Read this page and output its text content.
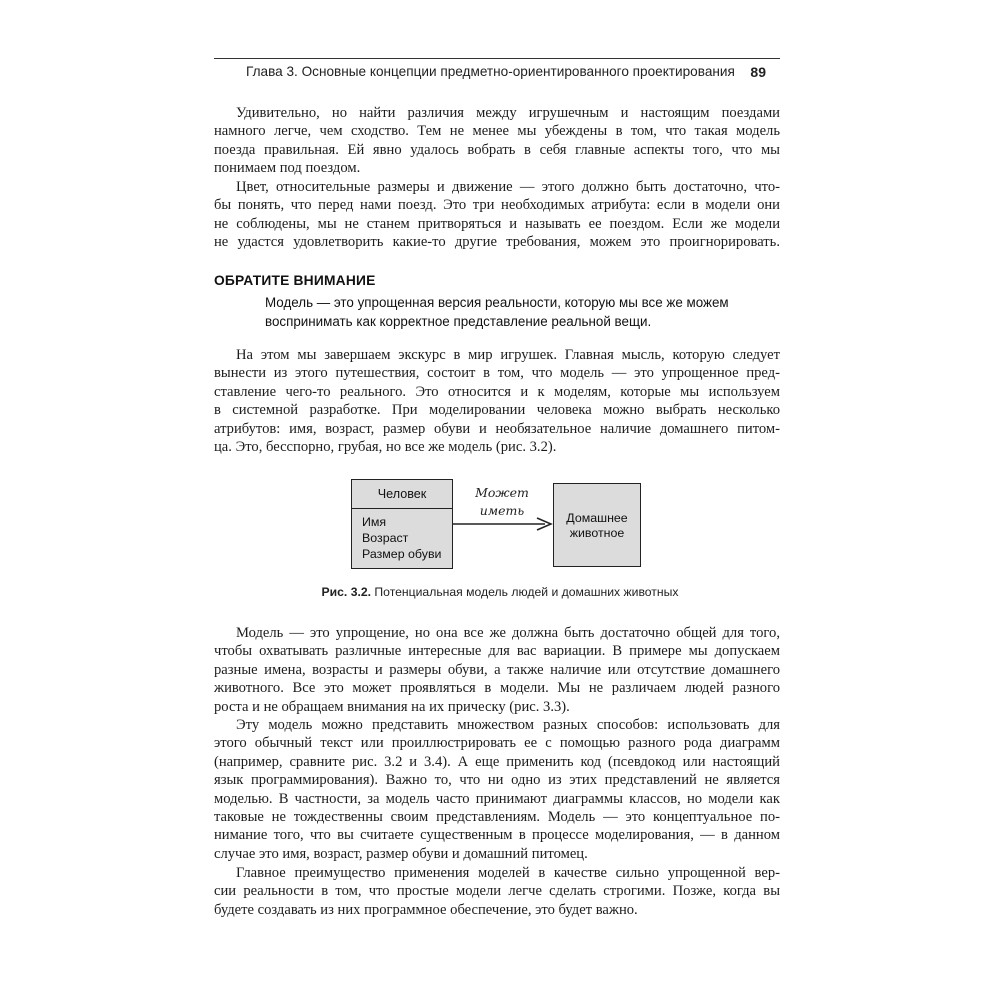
Глава 3. Основные концепции предметно-ориентированного проектирования 89
Удивительно, но найти различия между игрушечным и настоящим поездами
намного легче, чем сходство. Тем не менее мы убеждены в том, что такая модель
поезда правильная. Ей явно удалось вобрать в себя главные аспекты того, что мы
понимаем под поездом.
Цвет, относительные размеры и движение — этого должно быть достаточно, что-
бы понять, что перед нами поезд. Это три необходимых атрибута: если в модели они
не соблюдены, мы не станем притворяться и называть ее поездом. Если же модели
не удастся удовлетворить какие-то другие требования, можем это проигнорировать.
ОБРАТИТЕ ВНИМАНИЕ
Модель — это упрощенная версия реальности, которую мы все же можем
воспринимать как корректное представление реальной вещи.
На этом мы завершаем экскурс в мир игрушек. Главная мысль, которую следует
вынести из этого путешествия, состоит в том, что модель — это упрощенное пред-
ставление чего-то реального. Это относится и к моделям, которые мы используем
в системной разработке. При моделировании человека можно выбрать несколько
атрибутов: имя, возраст, размер обуви и необязательное наличие домашнего питом-
ца. Это, бесспорно, грубая, но все же модель (рис. 3.2).
Человек
Имя
Возраст
Размер обуви
Может
иметь	Домашнее
животное
Рис. 3.2. Потенциальная модель людей и домашних животных
Модель — это упрощение, но она все же должна быть достаточно общей для того,
чтобы охватывать различные интересные для вас вариации. В примере мы допускаем
разные имена, возрасты и размеры обуви, а также наличие или отсутствие домашнего
животного. Все это может проявляться в модели. Мы не различаем людей разного
роста и не обращаем внимания на их прическу (рис. 3.3).
Эту модель можно представить множеством разных способов: использовать для
этого обычный текст или проиллюстрировать ее с помощью разного рода диаграмм
(например, сравните рис. 3.2 и 3.4). А еще применить код (псевдокод или настоящий
язык программирования). Важно то, что ни одно из этих представлений не является
моделью. В частности, за модель часто принимают диаграммы классов, но модели как
таковые не тождественны своим представлениям. Модель — это концептуальное по-
нимание того, что вы считаете существенным в процессе моделирования, — в данном
случае это имя, возраст, размер обуви и домашний питомец.
Главное преимущество применения моделей в качестве сильно упрощенной вер-
сии реальности в том, что простые модели легче сделать строгими. Позже, когда вы
будете создавать из них программное обеспечение, это будет важно.
